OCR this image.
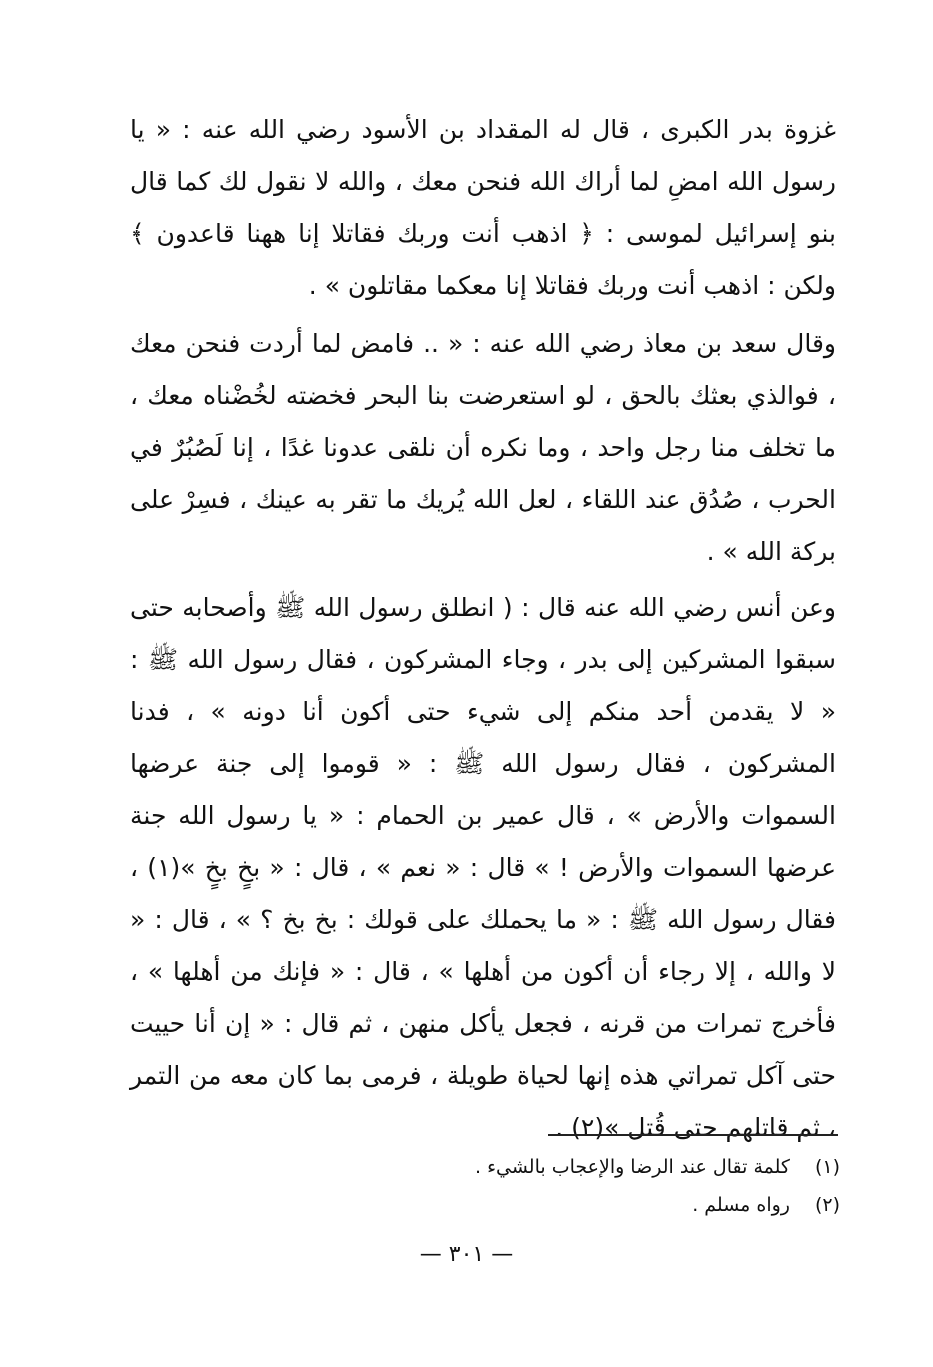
غزوة بدر الكبرى ، قال له المقداد بن الأسود رضي الله عنه : « يا رسول الله امضِ لما أراك الله فنحن معك ، والله لا نقول لك كما قال بنو إسرائيل لموسى : ﴿ اذهب أنت وربك فقاتلا إنا ههنا قاعدون ﴾ ولكن : اذهب أنت وربك فقاتلا إنا معكما مقاتلون » .

وقال سعد بن معاذ رضي الله عنه : « .. فامض لما أردت فنحن معك ، فوالذي بعثك بالحق ، لو استعرضت بنا البحر فخضته لخُضْناه معك ، ما تخلف منا رجل واحد ، وما نكره أن نلقى عدونا غدًا ، إنا لَصُبُرٌ في الحرب ، صُدُق عند اللقاء ، لعل الله يُريك ما تقر به عينك ، فسِرْ على بركة الله » .

وعن أنس رضي الله عنه قال : ( انطلق رسول الله ﷺ وأصحابه حتى سبقوا المشركين إلى بدر ، وجاء المشركون ، فقال رسول الله ﷺ : « لا يقدمن أحد منكم إلى شيء حتى أكون أنا دونه » ، فدنا المشركون ، فقال رسول الله ﷺ : « قوموا إلى جنة عرضها السموات والأرض » ، قال عمير بن الحمام : « يا رسول الله جنة عرضها السموات والأرض ! » قال : « نعم » ، قال : « بخٍ بخٍ »(١) ، فقال رسول الله ﷺ : « ما يحملك على قولك : بخ بخ ؟ » ، قال : « لا والله ، إلا رجاء أن أكون من أهلها » ، قال : « فإنك من أهلها » ، فأخرج تمرات من قرنه ، فجعل يأكل منهن ، ثم قال : « إن أنا حييت حتى آكل تمراتي هذه إنها لحياة طويلة ، فرمى بما كان معه من التمر ، ثم قاتلهم حتى قُتل »(٢) .

(١) كلمة تقال عند الرضا والإعجاب بالشيء .
(٢) رواه مسلم .
— ٣٠١ —
